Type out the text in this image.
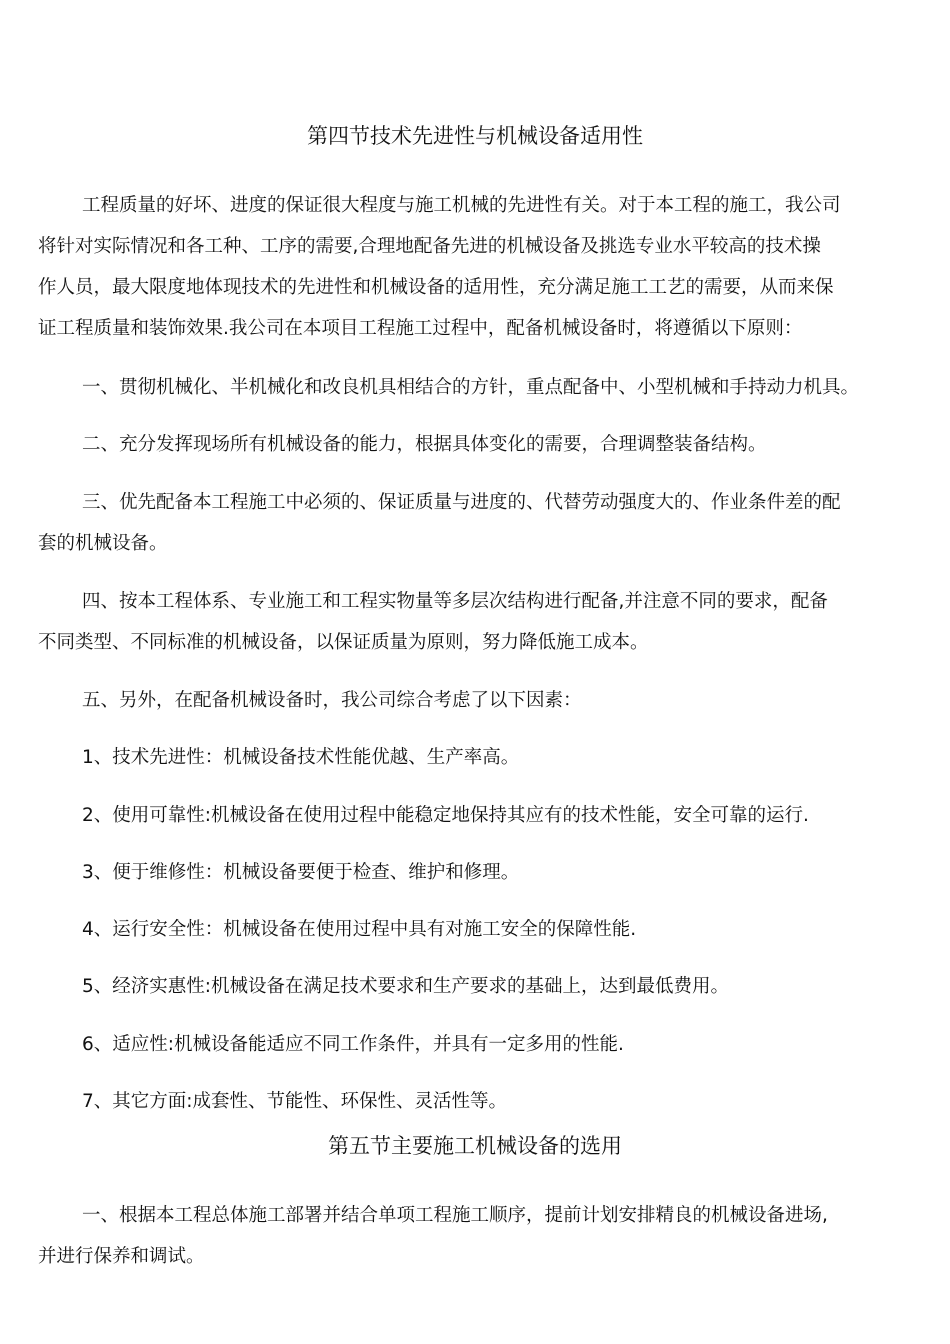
第四节技术先进性与机械设备适用性
工程质量的好坏、进度的保证很大程度与施工机械的先进性有关。对于本工程的施工，我公司
将针对实际情况和各工种、工序的需要,合理地配备先进的机械设备及挑选专业水平较高的技术操
作人员，最大限度地体现技术的先进性和机械设备的适用性，充分满足施工工艺的需要，从而来保
证工程质量和装饰效果.我公司在本项目工程施工过程中，配备机械设备时，将遵循以下原则：
一、贯彻机械化、半机械化和改良机具相结合的方针，重点配备中、小型机械和手持动力机具。
二、充分发挥现场所有机械设备的能力，根据具体变化的需要，合理调整装备结构。
三、优先配备本工程施工中必须的、保证质量与进度的、代替劳动强度大的、作业条件差的配
套的机械设备。
四、按本工程体系、专业施工和工程实物量等多层次结构进行配备,并注意不同的要求，配备
不同类型、不同标准的机械设备，以保证质量为原则，努力降低施工成本。
五、另外，在配备机械设备时，我公司综合考虑了以下因素：
1、技术先进性：机械设备技术性能优越、生产率高。
2、使用可靠性:机械设备在使用过程中能稳定地保持其应有的技术性能，安全可靠的运行.
3、便于维修性：机械设备要便于检查、维护和修理。
4、运行安全性：机械设备在使用过程中具有对施工安全的保障性能.
5、经济实惠性:机械设备在满足技术要求和生产要求的基础上，达到最低费用。
6、适应性:机械设备能适应不同工作条件，并具有一定多用的性能.
7、其它方面:成套性、节能性、环保性、灵活性等。
第五节主要施工机械设备的选用
一、根据本工程总体施工部署并结合单项工程施工顺序，提前计划安排精良的机械设备进场,
并进行保养和调试。
